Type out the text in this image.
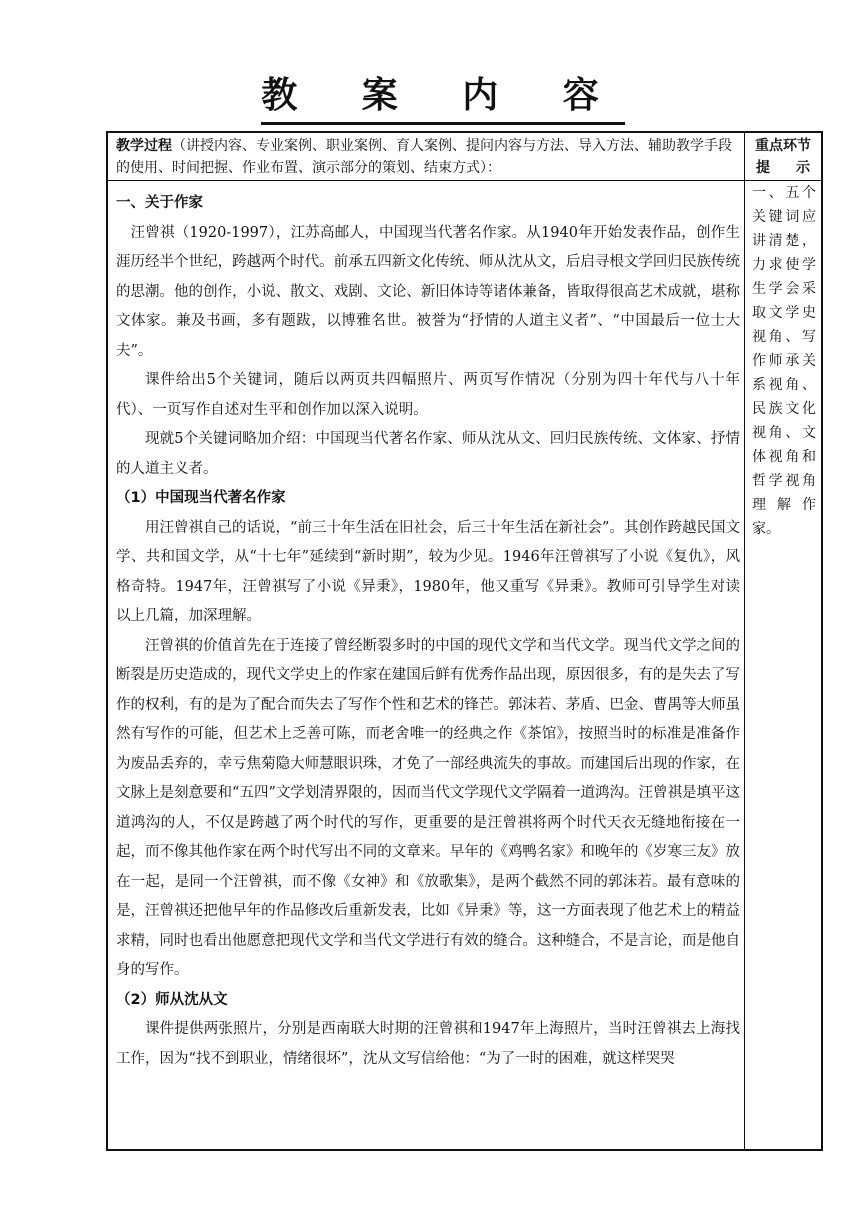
教 案 内 容
教学过程（讲授内容、专业案例、职业案例、育人案例、提问内容与方法、导入方法、辅助教学手段的使用、时间把握、作业布置、演示部分的策划、结束方式）：
重点环节
提 示

一、关于作家

汪曾祺（1920-1997），江苏高邮人，中国现当代著名作家。从1940年开始发表作品，创作生涯历经半个世纪，跨越两个时代。前承五四新文化传统、师从沈从文，后启寻根文学回归民族传统的思潮。他的创作，小说、散文、戏剧、文论、新旧体诗等诸体兼备，皆取得很高艺术成就，堪称文体家。兼及书画，多有题跋，以博雅名世。被誉为“抒情的人道主义者”、“中国最后一位士大夫”。

课件给出5个关键词，随后以两页共四幅照片、两页写作情况（分别为四十年代与八十年代）、一页写作自述对生平和创作加以深入说明。

现就5个关键词略加介绍：中国现当代著名作家、师从沈从文、回归民族传统、文体家、抒情的人道主义者。

（1）中国现当代著名作家

用汪曾祺自己的话说，“前三十年生活在旧社会，后三十年生活在新社会”。其创作跨越民国文学、共和国文学，从“十七年”延续到“新时期”，较为少见。1946年汪曾祺写了小说《复仇》，风格奇特。1947年，汪曾祺写了小说《异秉》，1980年，他又重写《异秉》。教师可引导学生对读以上几篇，加深理解。

汪曾祺的价值首先在于连接了曾经断裂多时的中国的现代文学和当代文学。现当代文学之间的断裂是历史造成的，现代文学史上的作家在建国后鲜有优秀作品出现，原因很多，有的是失去了写作的权利，有的是为了配合而失去了写作个性和艺术的锋芒。郭沫若、茅盾、巴金、曹禺等大师虽然有写作的可能，但艺术上乏善可陈，而老舍唯一的经典之作《茶馆》，按照当时的标准是准备作为废品丢弃的，幸亏焦菊隐大师慧眼识珠，才免了一部经典流失的事故。而建国后出现的作家，在文脉上是刻意要和“五四”文学划清界限的，因而当代文学现代文学隔着一道鸿沟。汪曾祺是填平这道鸿沟的人，不仅是跨越了两个时代的写作，更重要的是汪曾祺将两个时代天衣无缝地衔接在一起，而不像其他作家在两个时代写出不同的文章来。早年的《鸡鸭名家》和晚年的《岁寒三友》放在一起，是同一个汪曾祺，而不像《女神》和《放歌集》，是两个截然不同的郭沫若。最有意味的是，汪曾祺还把他早年的作品修改后重新发表，比如《异秉》等，这一方面表现了他艺术上的精益求精，同时也看出他愿意把现代文学和当代文学进行有效的缝合。这种缝合，不是言论，而是他自身的写作。

（2）师从沈从文

课件提供两张照片，分别是西南联大时期的汪曾祺和1947年上海照片，当时汪曾祺去上海找工作，因为“找不到职业，情绪很坏”，沈从文写信给他：“为了一时的困难，就这样哭哭

一、五个关键词应讲清楚，力求使学生学会采取文学史视角、写作师承关系视角、民族文化视角、文体视角和哲学视角理解作家。
